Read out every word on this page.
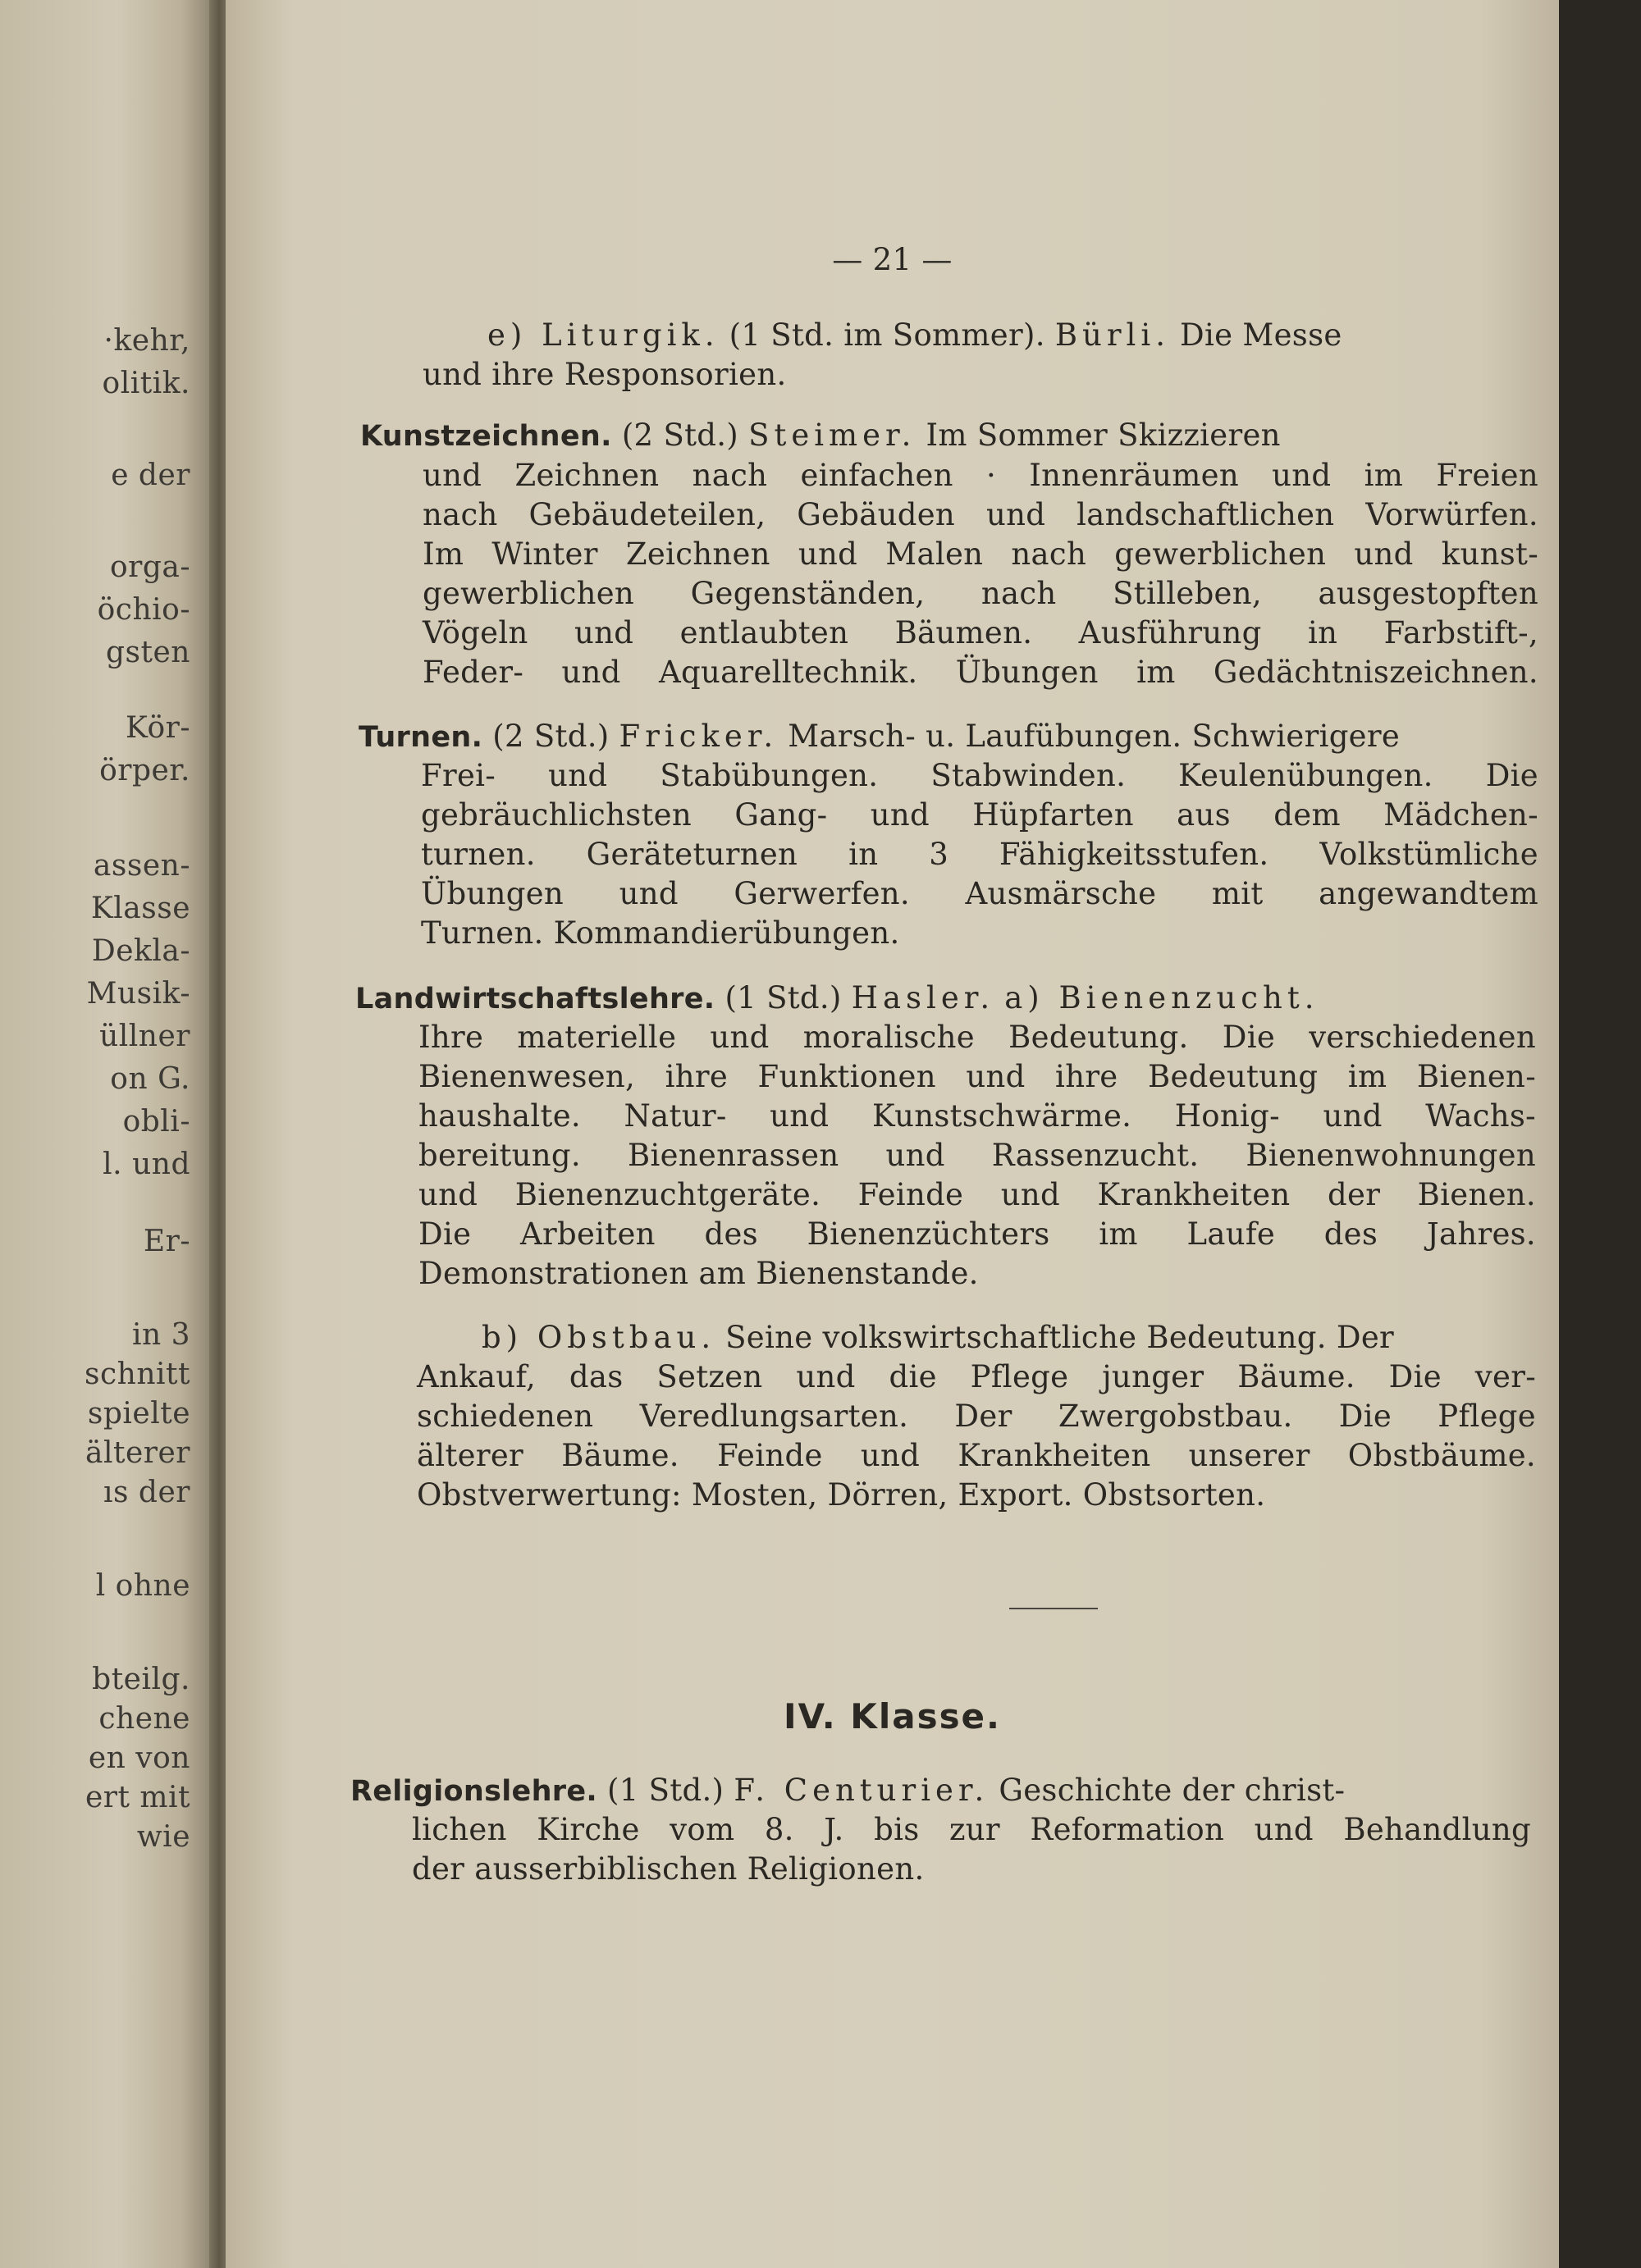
·kehr,
olitik.
e der
orga-
öchio-
gsten
Kör-
örper.
assen-
Klasse
Dekla-
Musik-
üllner
on G.
obli-
l. und
Er-
in 3
schnitt
spielte
älterer
ıs der
l ohne
bteilg.
chene
en von
ert mit
wie
— 21 —
e) Liturgik. (1 Std. im Sommer). Bürli. Die Messe
und ihre Responsorien.
Kunstzeichnen. (2 Std.) Steimer. Im Sommer Skizzieren
und Zeichnen nach einfachen · Innenräumen und im Freien
nach Gebäudeteilen, Gebäuden und landschaftlichen Vorwürfen.
Im Winter Zeichnen und Malen nach gewerblichen und kunst-
gewerblichen Gegenständen, nach Stilleben, ausgestopften
Vögeln und entlaubten Bäumen. Ausführung in Farbstift-,
Feder- und Aquarelltechnik. Übungen im Gedächtniszeichnen.
Turnen. (2 Std.) Fricker. Marsch- u. Laufübungen. Schwierigere
Frei- und Stabübungen. Stabwinden. Keulenübungen. Die
gebräuchlichsten Gang- und Hüpfarten aus dem Mädchen-
turnen. Geräteturnen in 3 Fähigkeitsstufen. Volkstümliche
Übungen und Gerwerfen. Ausmärsche mit angewandtem
Turnen. Kommandierübungen.
Landwirtschaftslehre. (1 Std.) Hasler. a) Bienenzucht.
Ihre materielle und moralische Bedeutung. Die verschiedenen
Bienenwesen, ihre Funktionen und ihre Bedeutung im Bienen-
haushalte. Natur- und Kunstschwärme. Honig- und Wachs-
bereitung. Bienenrassen und Rassenzucht. Bienenwohnungen
und Bienenzuchtgeräte. Feinde und Krankheiten der Bienen.
Die Arbeiten des Bienenzüchters im Laufe des Jahres.
Demonstrationen am Bienenstande.
b) Obstbau. Seine volkswirtschaftliche Bedeutung. Der
Ankauf, das Setzen und die Pflege junger Bäume. Die ver-
schiedenen Veredlungsarten. Der Zwergobstbau. Die Pflege
älterer Bäume. Feinde und Krankheiten unserer Obstbäume.
Obstverwertung: Mosten, Dörren, Export. Obstsorten.
IV. Klasse.
Religionslehre. (1 Std.) F. Centurier. Geschichte der christ-
lichen Kirche vom 8. J. bis zur Reformation und Behandlung
der ausserbiblischen Religionen.
